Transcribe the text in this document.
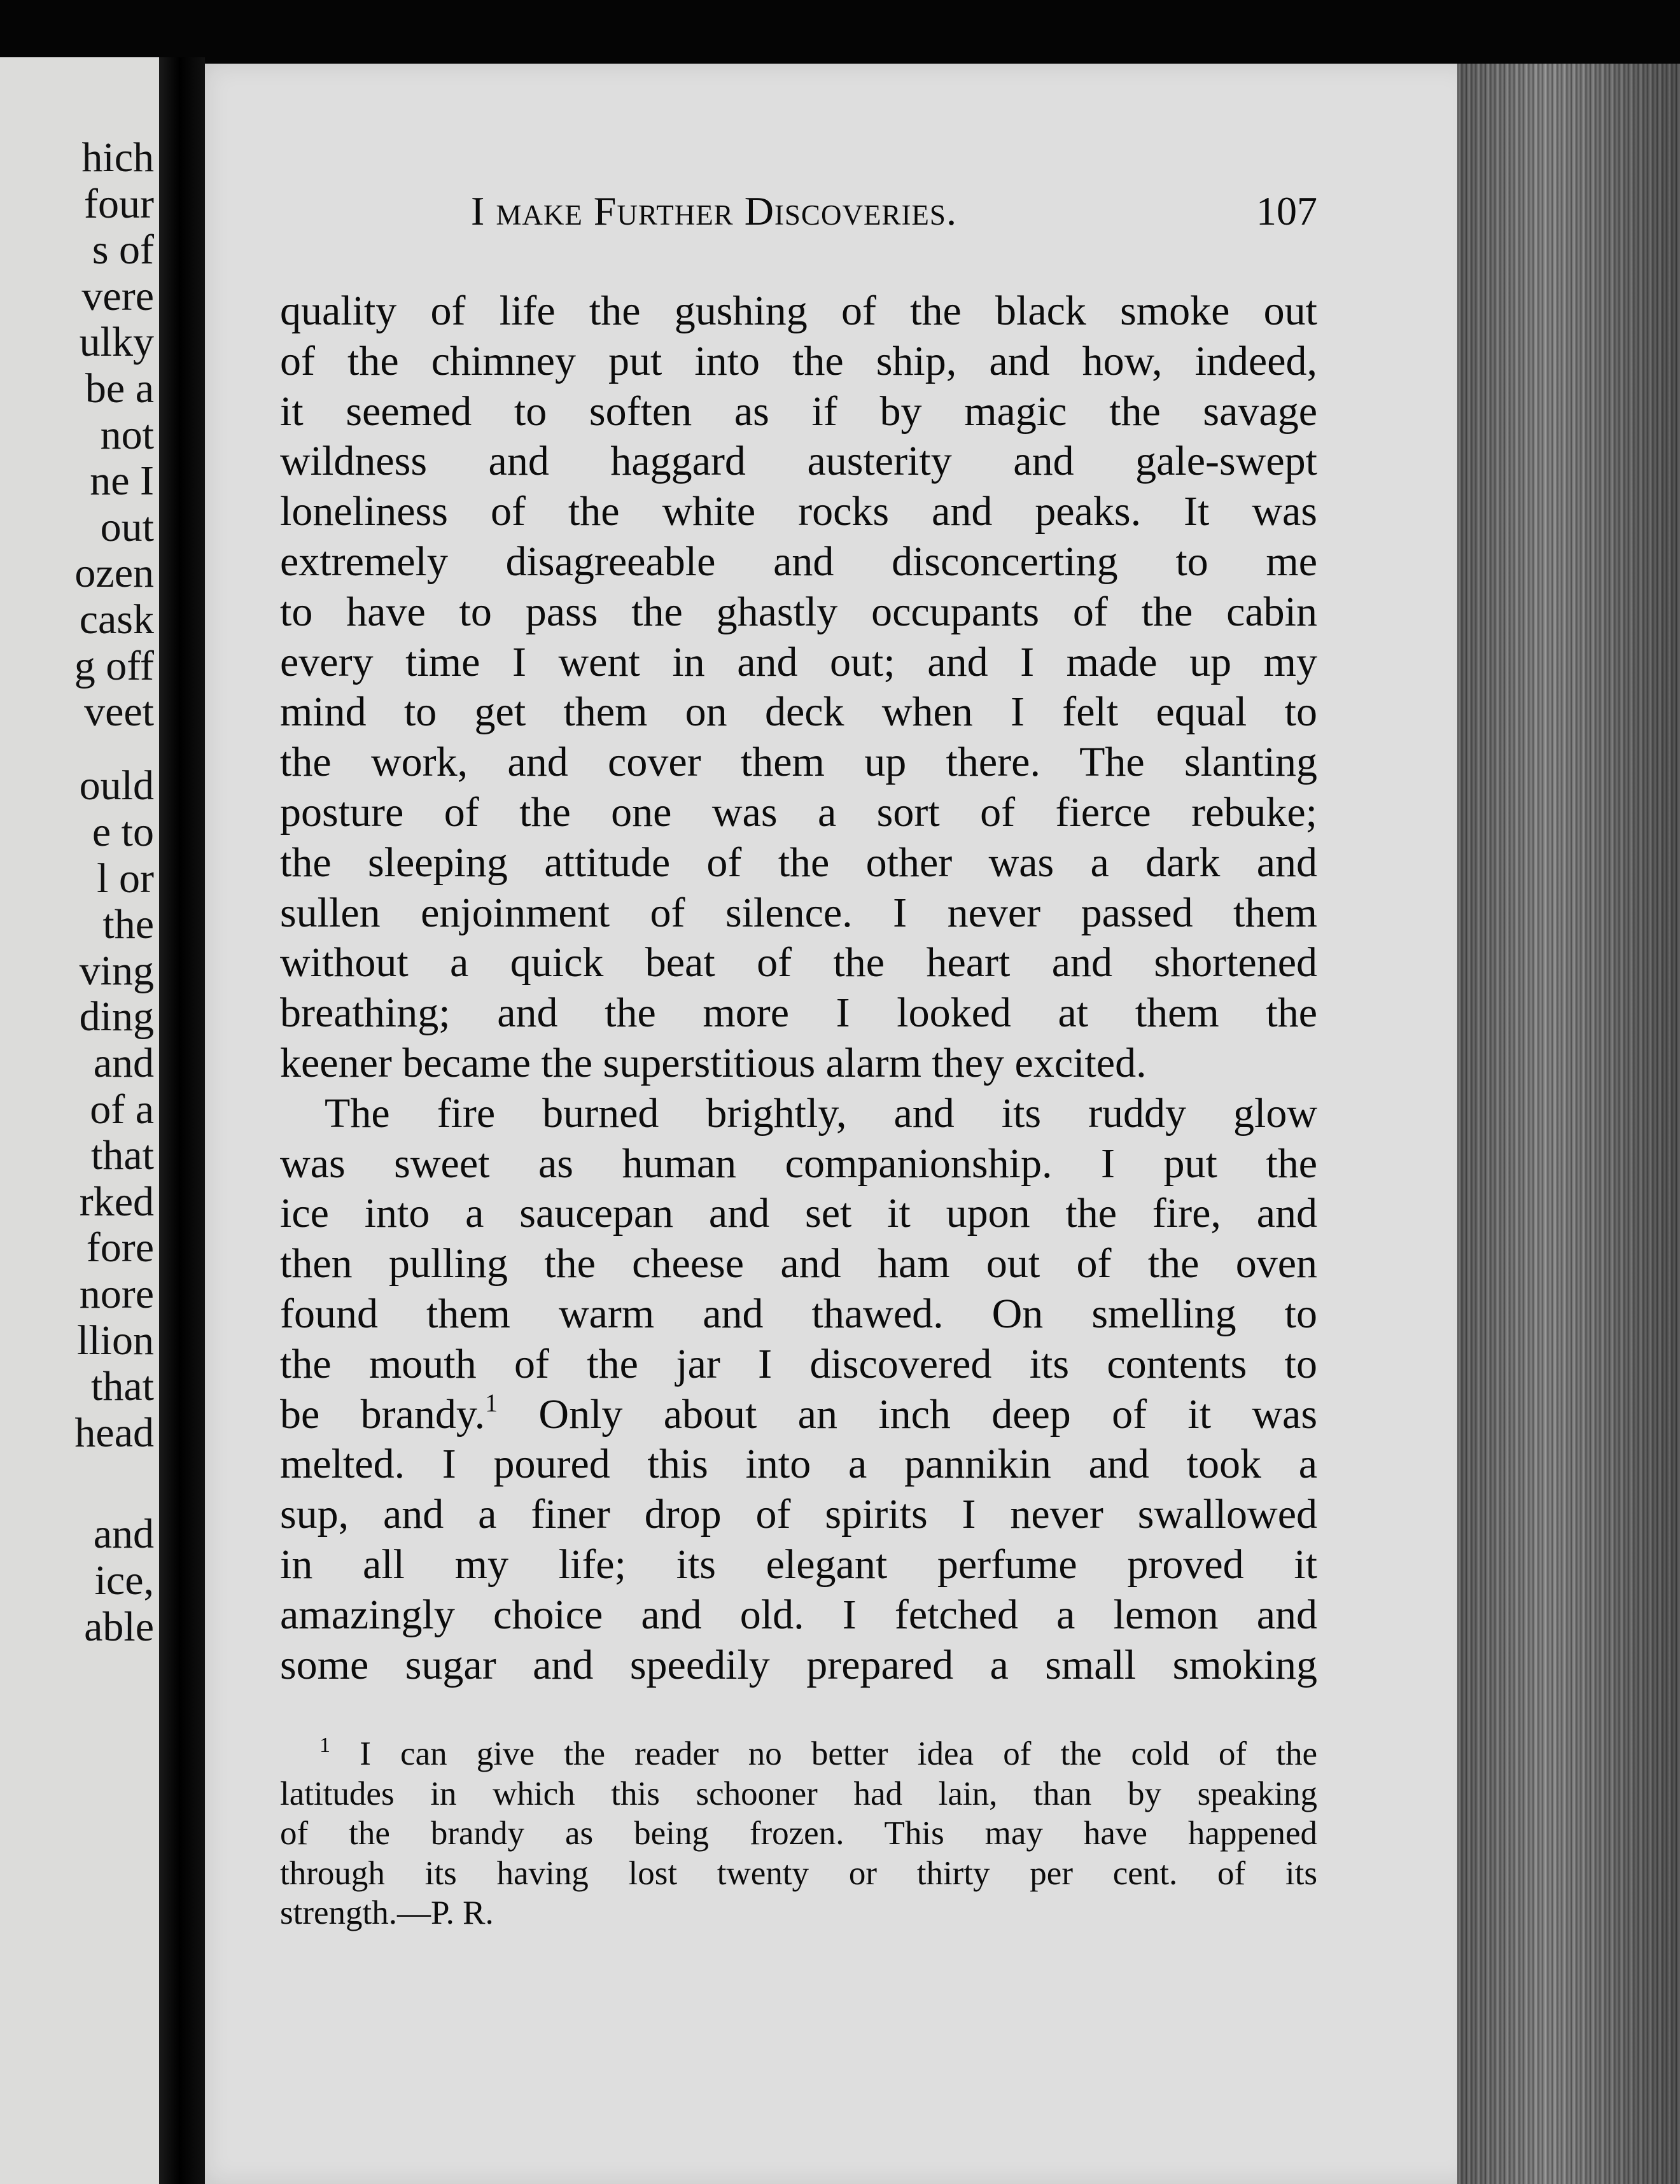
hich
four
s of
vere
ulky
be a
not
ne I
out
ozen
cask
g off
veet
ould
e to
l or
the
ving
ding
and
of a
that
rked
fore
nore
llion
that
head
and
ice,
able
I make Further Discoveries.	107
quality of life the gushing of the black smoke out
of the chimney put into the ship, and how, indeed,
it seemed to soften as if by magic the savage
wildness and haggard austerity and gale-swept
loneliness of the white rocks and peaks. It was
extremely disagreeable and disconcerting to me
to have to pass the ghastly occupants of the cabin
every time I went in and out; and I made up my
mind to get them on deck when I felt equal to
the work, and cover them up there. The slanting
posture of the one was a sort of fierce rebuke;
the sleeping attitude of the other was a dark and
sullen enjoinment of silence. I never passed them
without a quick beat of the heart and shortened
breathing; and the more I looked at them the
keener became the superstitious alarm they excited.
The fire burned brightly, and its ruddy glow
was sweet as human companionship. I put the
ice into a saucepan and set it upon the fire, and
then pulling the cheese and ham out of the oven
found them warm and thawed. On smelling to
the mouth of the jar I discovered its contents to
be brandy.$^1$ Only about an inch deep of it was
melted. I poured this into a pannikin and took a
sup, and a finer drop of spirits I never swallowed
in all my life; its elegant perfume proved it
amazingly choice and old. I fetched a lemon and
some sugar and speedily prepared a small smoking
$^1$ I can give the reader no better idea of the cold of the
latitudes in which this schooner had lain, than by speaking
of the brandy as being frozen. This may have happened
through its having lost twenty or thirty per cent. of its
strength.—P. R.
